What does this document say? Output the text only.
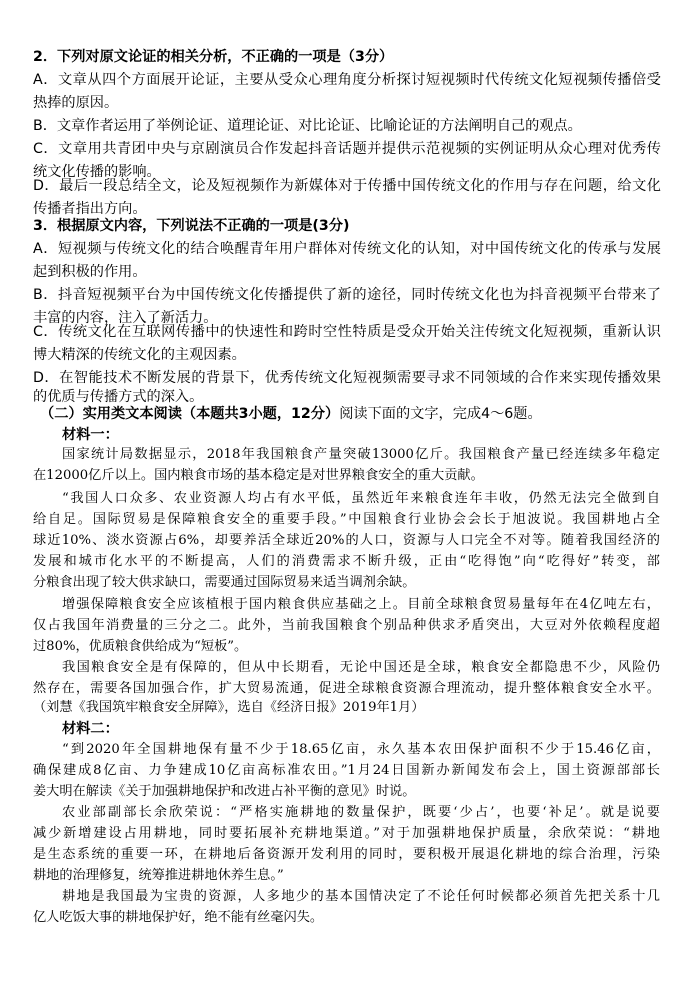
2．下列对原文论证的相关分析，不正确的一项是（3分）
A．文章从四个方面展开论证，主要从受众心理角度分析探讨短视频时代传统文化短视频传播倍受
热捧的原因。
B．文章作者运用了举例论证、道理论证、对比论证、比喻论证的方法阐明自己的观点。
C．文章用共青团中央与京剧演员合作发起抖音话题并提供示范视频的实例证明从众心理对优秀传
统文化传播的影响。
D．最后一段总结全文，论及短视频作为新媒体对于传播中国传统文化的作用与存在问题，给文化
传播者指出方向。
3．根据原文内容，下列说法不正确的一项是(3分)
A．短视频与传统文化的结合唤醒青年用户群体对传统文化的认知，对中国传统文化的传承与发展
起到积极的作用。
B．抖音短视频平台为中国传统文化传播提供了新的途径，同时传统文化也为抖音视频平台带来了
丰富的内容，注入了新活力。
C．传统文化在互联网传播中的快速性和跨时空性特质是受众开始关注传统文化短视频，重新认识
博大精深的传统文化的主观因素。
D．在智能技术不断发展的背景下，优秀传统文化短视频需要寻求不同领域的合作来实现传播效果
的优质与传播方式的深入。
（二）实用类文本阅读（本题共3小题，12分）阅读下面的文字，完成4～6题。
材料一：
国家统计局数据显示，2018年我国粮食产量突破13000亿斤。我国粮食产量已经连续多年稳定
在12000亿斤以上。国内粮食市场的基本稳定是对世界粮食安全的重大贡献。
“我国人口众多、农业资源人均占有水平低，虽然近年来粮食连年丰收，仍然无法完全做到自
给自足。国际贸易是保障粮食安全的重要手段。”中国粮食行业协会会长于旭波说。我国耕地占全
球近10%、淡水资源占6%，却要养活全球近20%的人口，资源与人口完全不对等。随着我国经济的
发展和城市化水平的不断提高，人们的消费需求不断升级，正由“吃得饱”向“吃得好”转变，部
分粮食出现了较大供求缺口，需要通过国际贸易来适当调剂余缺。
增强保障粮食安全应该植根于国内粮食供应基础之上。目前全球粮食贸易量每年在4亿吨左右，
仅占我国年消费量的三分之二。此外，当前我国粮食个别品种供求矛盾突出，大豆对外依赖程度超
过80%，优质粮食供给成为“短板”。
我国粮食安全是有保障的，但从中长期看，无论中国还是全球，粮食安全都隐患不少，风险仍
然存在，需要各国加强合作，扩大贸易流通，促进全球粮食资源合理流动，提升整体粮食安全水平。
（刘慧《我国筑牢粮食安全屏障》，选自《经济日报》2019年1月）
材料二：
“到2020年全国耕地保有量不少于18.65亿亩，永久基本农田保护面积不少于15.46亿亩，
确保建成8亿亩、力争建成10亿亩高标准农田。”1月24日国新办新闻发布会上，国土资源部部长
姜大明在解读《关于加强耕地保护和改进占补平衡的意见》时说。
农业部副部长余欣荣说：“严格实施耕地的数量保护，既要‘少占’，也要‘补足’。就是说要
减少新增建设占用耕地，同时要拓展补充耕地渠道。”对于加强耕地保护质量，余欣荣说：“耕地
是生态系统的重要一环，在耕地后备资源开发利用的同时，要积极开展退化耕地的综合治理，污染
耕地的治理修复，统筹推进耕地休养生息。”
耕地是我国最为宝贵的资源，人多地少的基本国情决定了不论任何时候都必须首先把关系十几
亿人吃饭大事的耕地保护好，绝不能有丝毫闪失。
